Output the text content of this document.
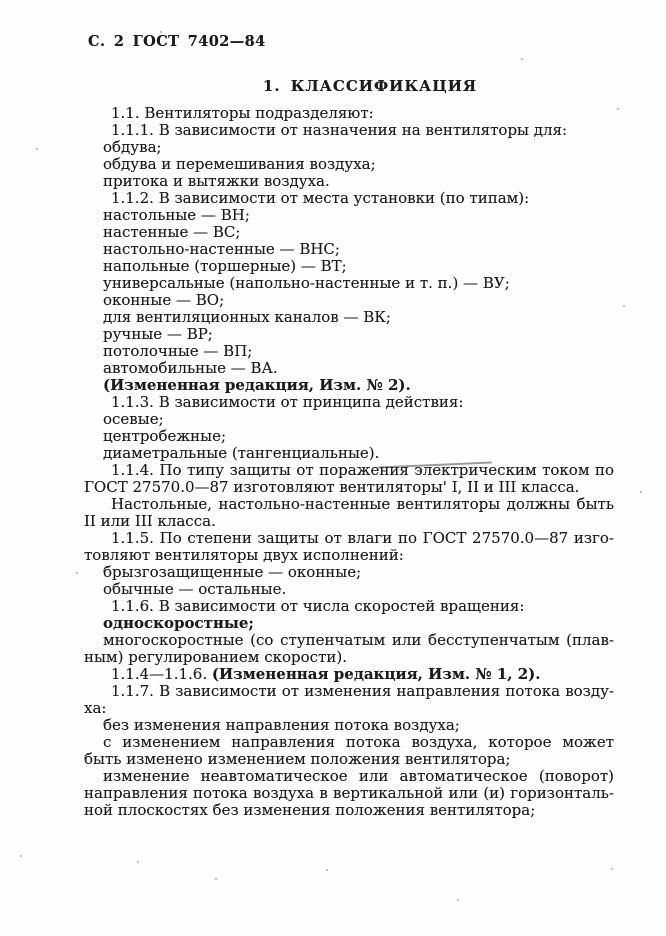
С. 2 ГОСТ 7402—84
1. КЛАССИФИКАЦИЯ

1.1. Вентиляторы подразделяют:

1.1.1. В зависимости от назначения на вентиляторы для:

обдува;

обдува и перемешивания воздуха;

притока и вытяжки воздуха.

1.1.2. В зависимости от места установки (по типам):

настольные — ВН;

настенные — ВС;

настольно-настенные — ВНС;

напольные (торшерные) — ВТ;

универсальные (напольно-настенные и т. п.) — ВУ;

оконные — ВО;

для вентиляционных каналов — ВК;

ручные — ВР;

потолочные — ВП;

автомобильные — ВА.

(Измененная редакция, Изм. № 2).

1.1.3. В зависимости от принципа действия:

осевые;

центробежные;

диаметральные (тангенциальные).

1.1.4. По типу защиты от поражения электрическим током по ГОСТ 27570.0—87 изготовляют вентиляторы' I, II и III класса.

Настольные, настольно-настенные вентиляторы должны быть II или III класса.

1.1.5. По степени защиты от влаги по ГОСТ 27570.0—87 изго-товляют вентиляторы двух исполнений:

брызгозащищенные — оконные;

обычные — остальные.

1.1.6. В зависимости от числа скоростей вращения:

односкоростные;

многоскоростные (со ступенчатым или бесступенчатым (плав-ным) регулированием скорости).

1.1.4—1.1.6. (Измененная редакция, Изм. № 1, 2).

1.1.7. В зависимости от изменения направления потока возду-ха:

без изменения направления потока воздуха;

с изменением направления потока воздуха, которое может быть изменено изменением положения вентилятора;

изменение неавтоматическое или автоматическое (поворот) направления потока воздуха в вертикальной или (и) горизонталь-ной плоскостях без изменения положения вентилятора;
